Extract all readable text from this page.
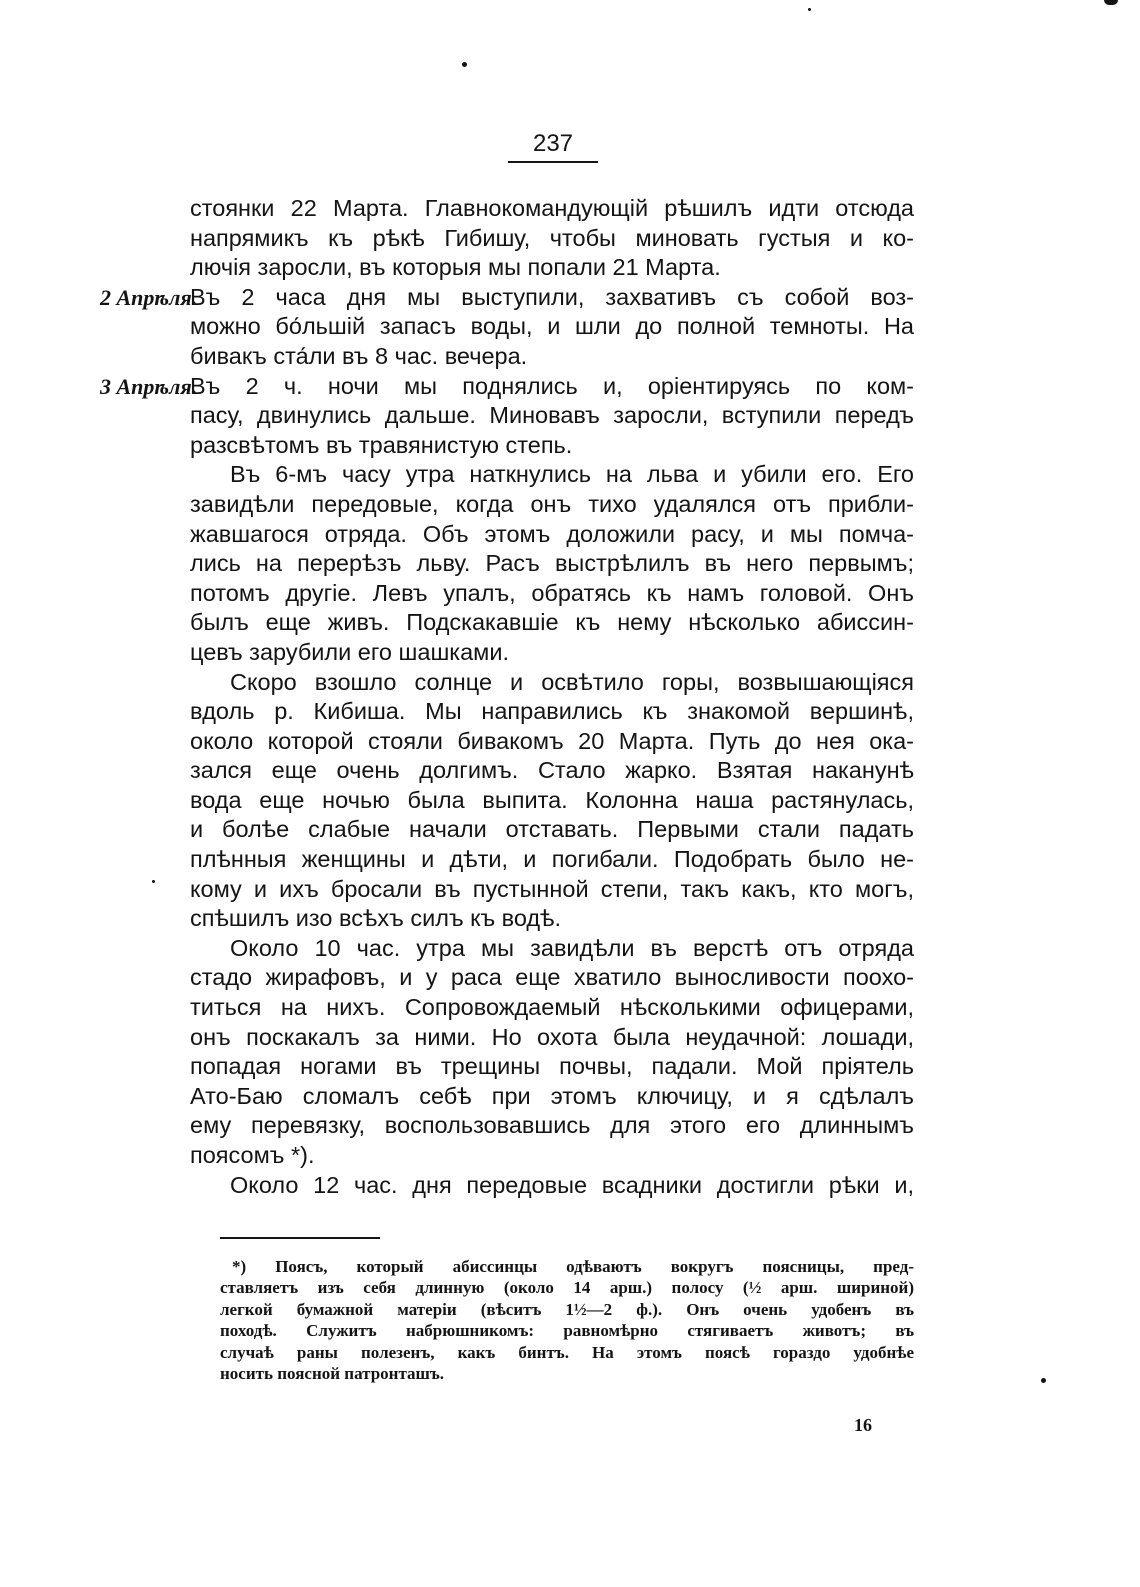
237
стоянки 22 Марта. Главнокомандующій рѣшилъ идти отсюда
напрямикъ къ рѣкѣ Гибишу, чтобы миновать густыя и ко-
лючія заросли, въ которыя мы попали 21 Марта.
2 Апрѣля.
Въ 2 часа дня мы выступили, захвативъ съ собой воз-
можно бо́льшій запасъ воды, и шли до полной темноты. На
бивакъ ста́ли въ 8 час. вечера.
3 Апрѣля.
Въ 2 ч. ночи мы поднялись и, оріентируясь по ком-
пасу, двинулись дальше. Миновавъ заросли, вступили передъ
разсвѣтомъ въ травянистую степь.
Въ 6-мъ часу утра наткнулись на льва и убили его. Его
завидѣли передовые, когда онъ тихо удалялся отъ прибли-
жавшагося отряда. Объ этомъ доложили расу, и мы помча-
лись на перерѣзъ льву. Расъ выстрѣлилъ въ него первымъ;
потомъ другіе. Левъ упалъ, обратясь къ намъ головой. Онъ
былъ еще живъ. Подскакавшіе къ нему нѣсколько абиссин-
цевъ зарубили его шашками.
Скоро взошло солнце и освѣтило горы, возвышающіяся
вдоль р. Кибиша. Мы направились къ знакомой вершинѣ,
около которой стояли бивакомъ 20 Марта. Путь до нея ока-
зался еще очень долгимъ. Стало жарко. Взятая наканунѣ
вода еще ночью была выпита. Колонна наша растянулась,
и болѣе слабые начали отставать. Первыми стали падать
плѣнныя женщины и дѣти, и погибали. Подобрать было не-
кому и ихъ бросали въ пустынной степи, такъ какъ, кто могъ,
спѣшилъ изо всѣхъ силъ къ водѣ.
Около 10 час. утра мы завидѣли въ верстѣ отъ отряда
стадо жирафовъ, и у раса еще хватило выносливости поохо-
титься на нихъ. Сопровождаемый нѣсколькими офицерами,
онъ поскакалъ за ними. Но охота была неудачной: лошади,
попадая ногами въ трещины почвы, падали. Мой пріятель
Ато-Баю сломалъ себѣ при этомъ ключицу, и я сдѣлалъ
ему перевязку, воспользовавшись для этого его длиннымъ
поясомъ *).
Около 12 час. дня передовые всадники достигли рѣки и,
*) Поясъ, который абиссинцы одѣваютъ вокругъ поясницы, пред-
ставляетъ изъ себя длинную (около 14 арш.) полосу (½ арш. шириной)
легкой бумажной матеріи (вѣситъ 1½—2 ф.). Онъ очень удобенъ въ
походѣ. Служитъ набрюшникомъ: равномѣрно стягиваетъ животъ; въ
случаѣ раны полезенъ, какъ бинтъ. На этомъ поясѣ гораздо удобнѣе
носить поясной патронташъ.
16
